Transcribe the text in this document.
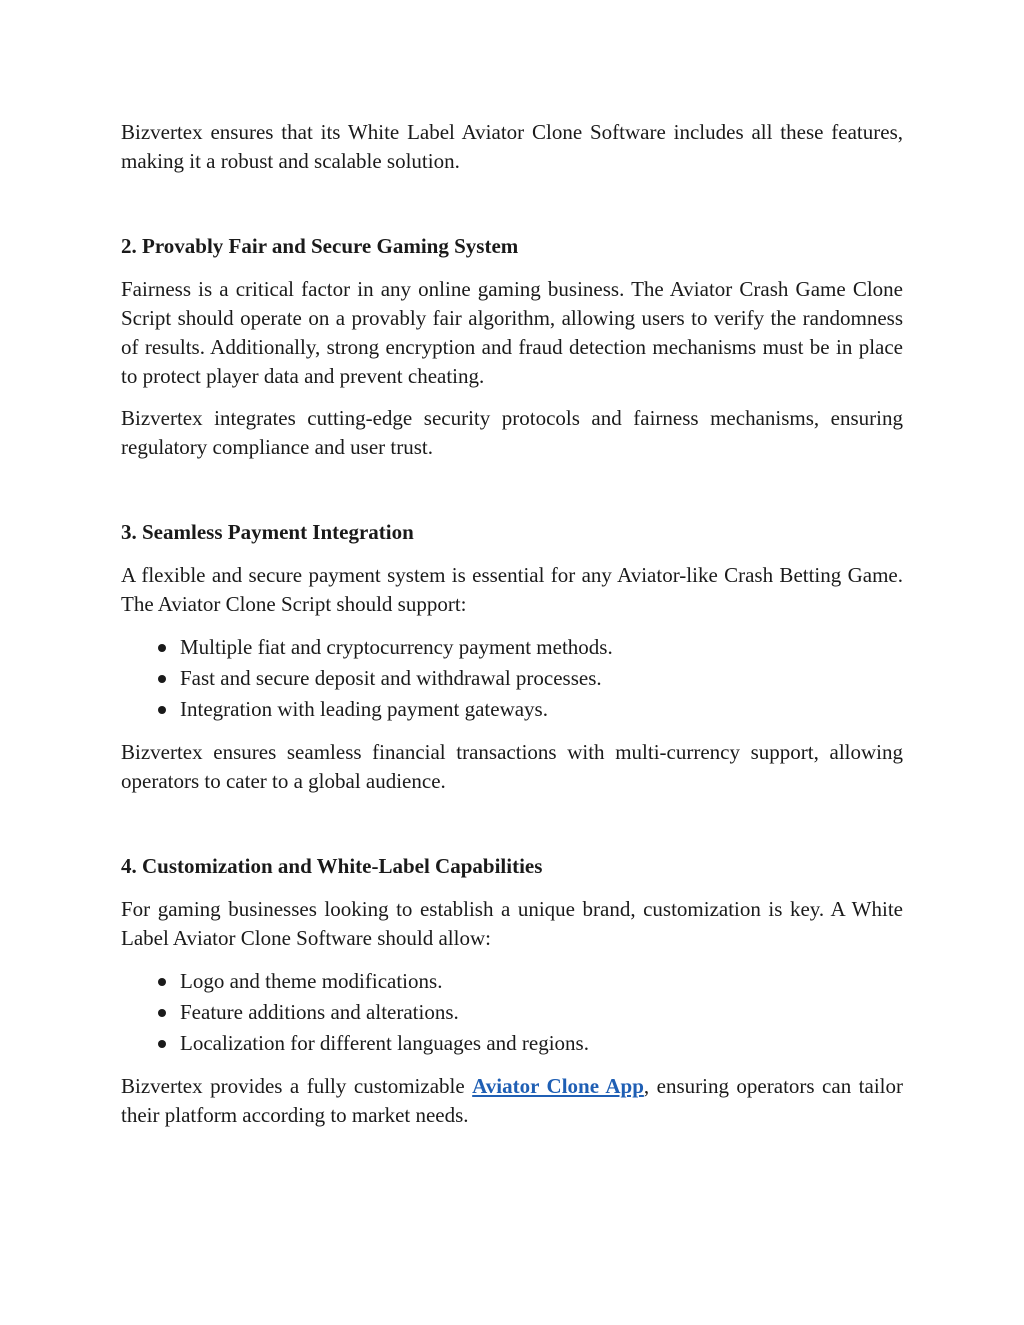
Bizvertex ensures that its White Label Aviator Clone Software includes all these features, making it a robust and scalable solution.

2. Provably Fair and Secure Gaming System

Fairness is a critical factor in any online gaming business. The Aviator Crash Game Clone Script should operate on a provably fair algorithm, allowing users to verify the randomness of results. Additionally, strong encryption and fraud detection mechanisms must be in place to protect player data and prevent cheating.

Bizvertex integrates cutting-edge security protocols and fairness mechanisms, ensuring regulatory compliance and user trust.

3. Seamless Payment Integration

A flexible and secure payment system is essential for any Aviator-like Crash Betting Game. The Aviator Clone Script should support:

Multiple fiat and cryptocurrency payment methods.
Fast and secure deposit and withdrawal processes.
Integration with leading payment gateways.

Bizvertex ensures seamless financial transactions with multi-currency support, allowing operators to cater to a global audience.

4. Customization and White-Label Capabilities

For gaming businesses looking to establish a unique brand, customization is key. A White Label Aviator Clone Software should allow:

Logo and theme modifications.
Feature additions and alterations.
Localization for different languages and regions.

Bizvertex provides a fully customizable Aviator Clone App, ensuring operators can tailor their platform according to market needs.
